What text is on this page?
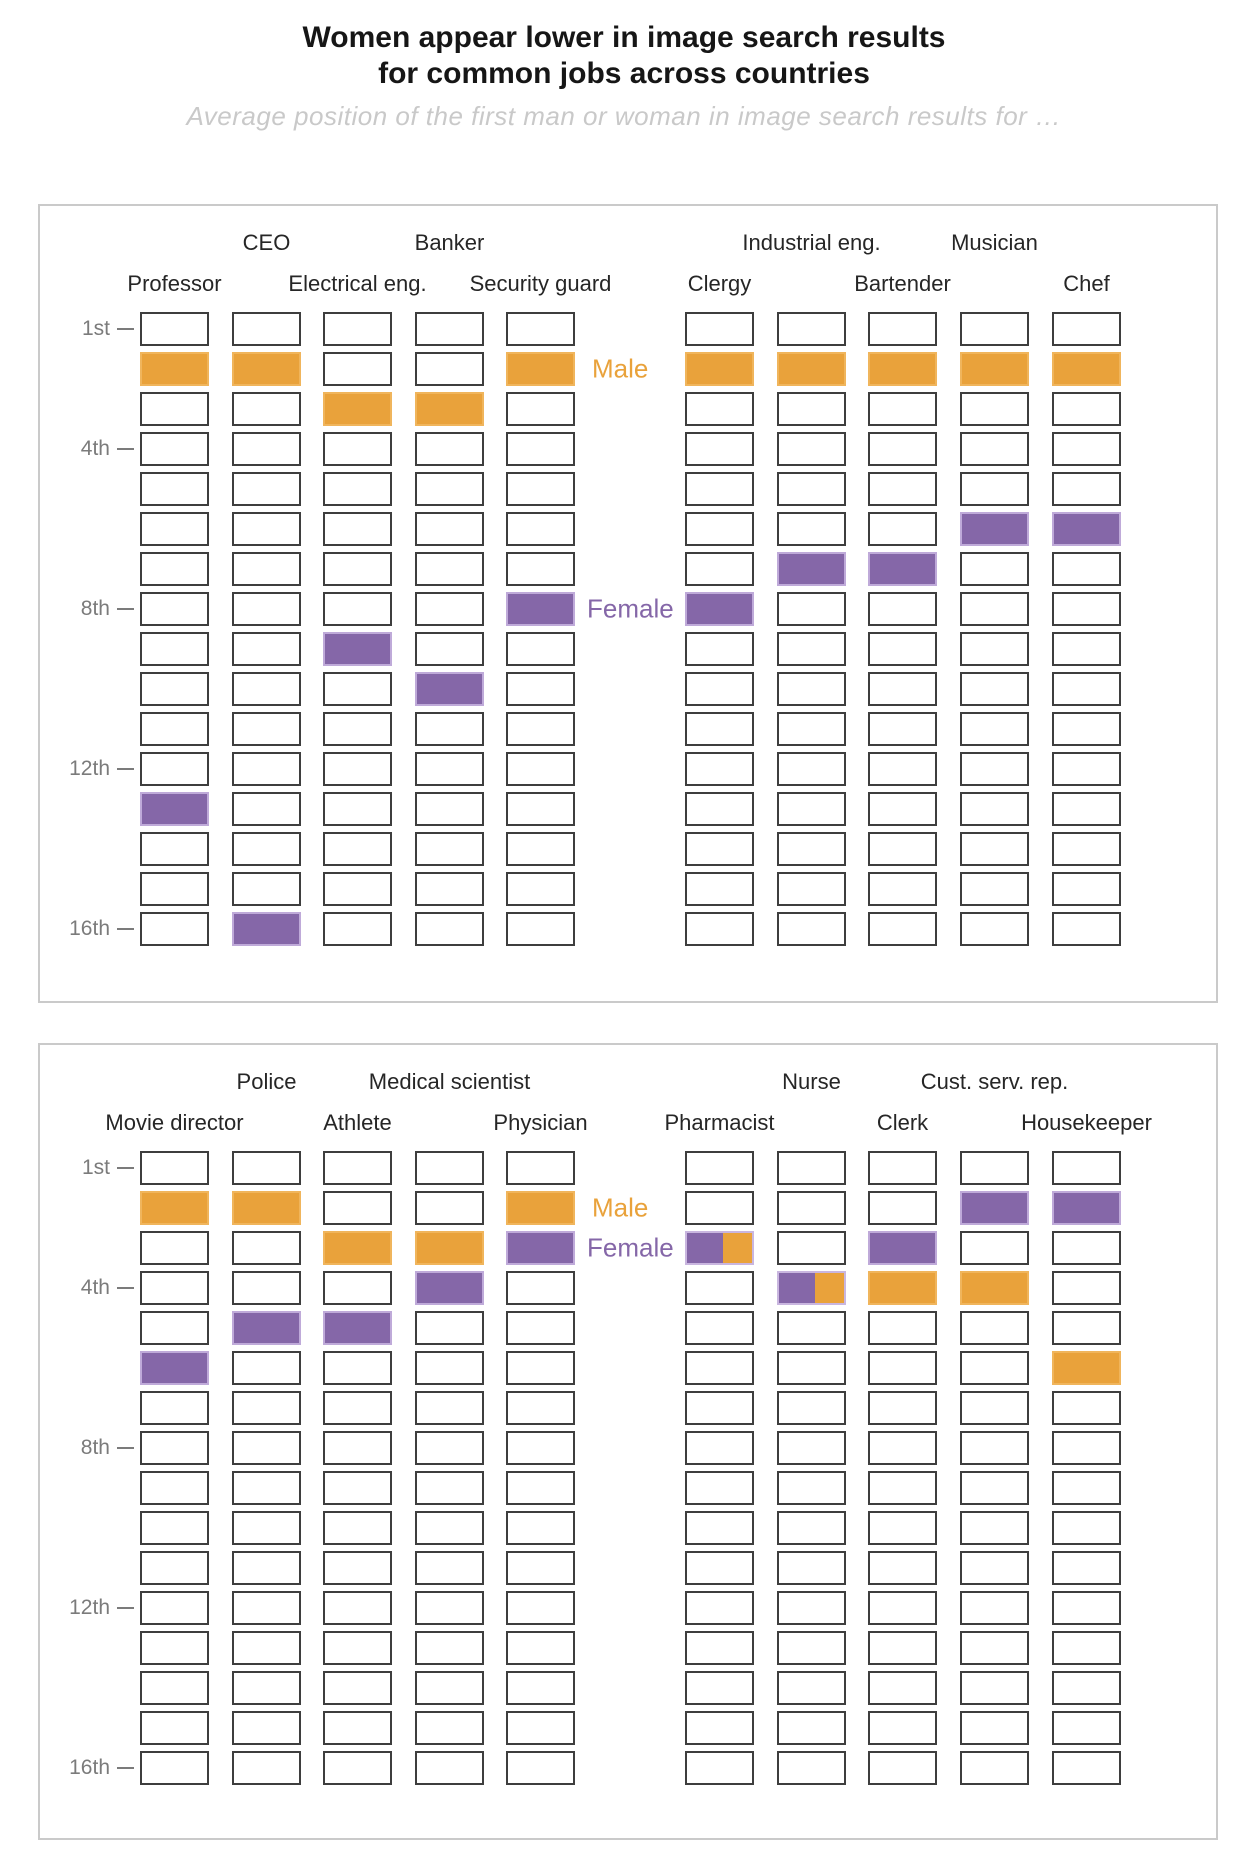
Women appear lower in image search results
for common jobs across countries
Average position of the first man or woman in image search results for …
Professor
CEO
Electrical eng.
Banker
Security guard	Clergy
Industrial eng.
Bartender
Musician
Chef
1st
4th
8th
12th
16th
Male
Female
Movie director
Police
Athlete
Medical scientist
Physician	Pharmacist
Nurse
Clerk
Cust. serv. rep.
Housekeeper
1st
4th
8th
12th
16th
Male
Female
